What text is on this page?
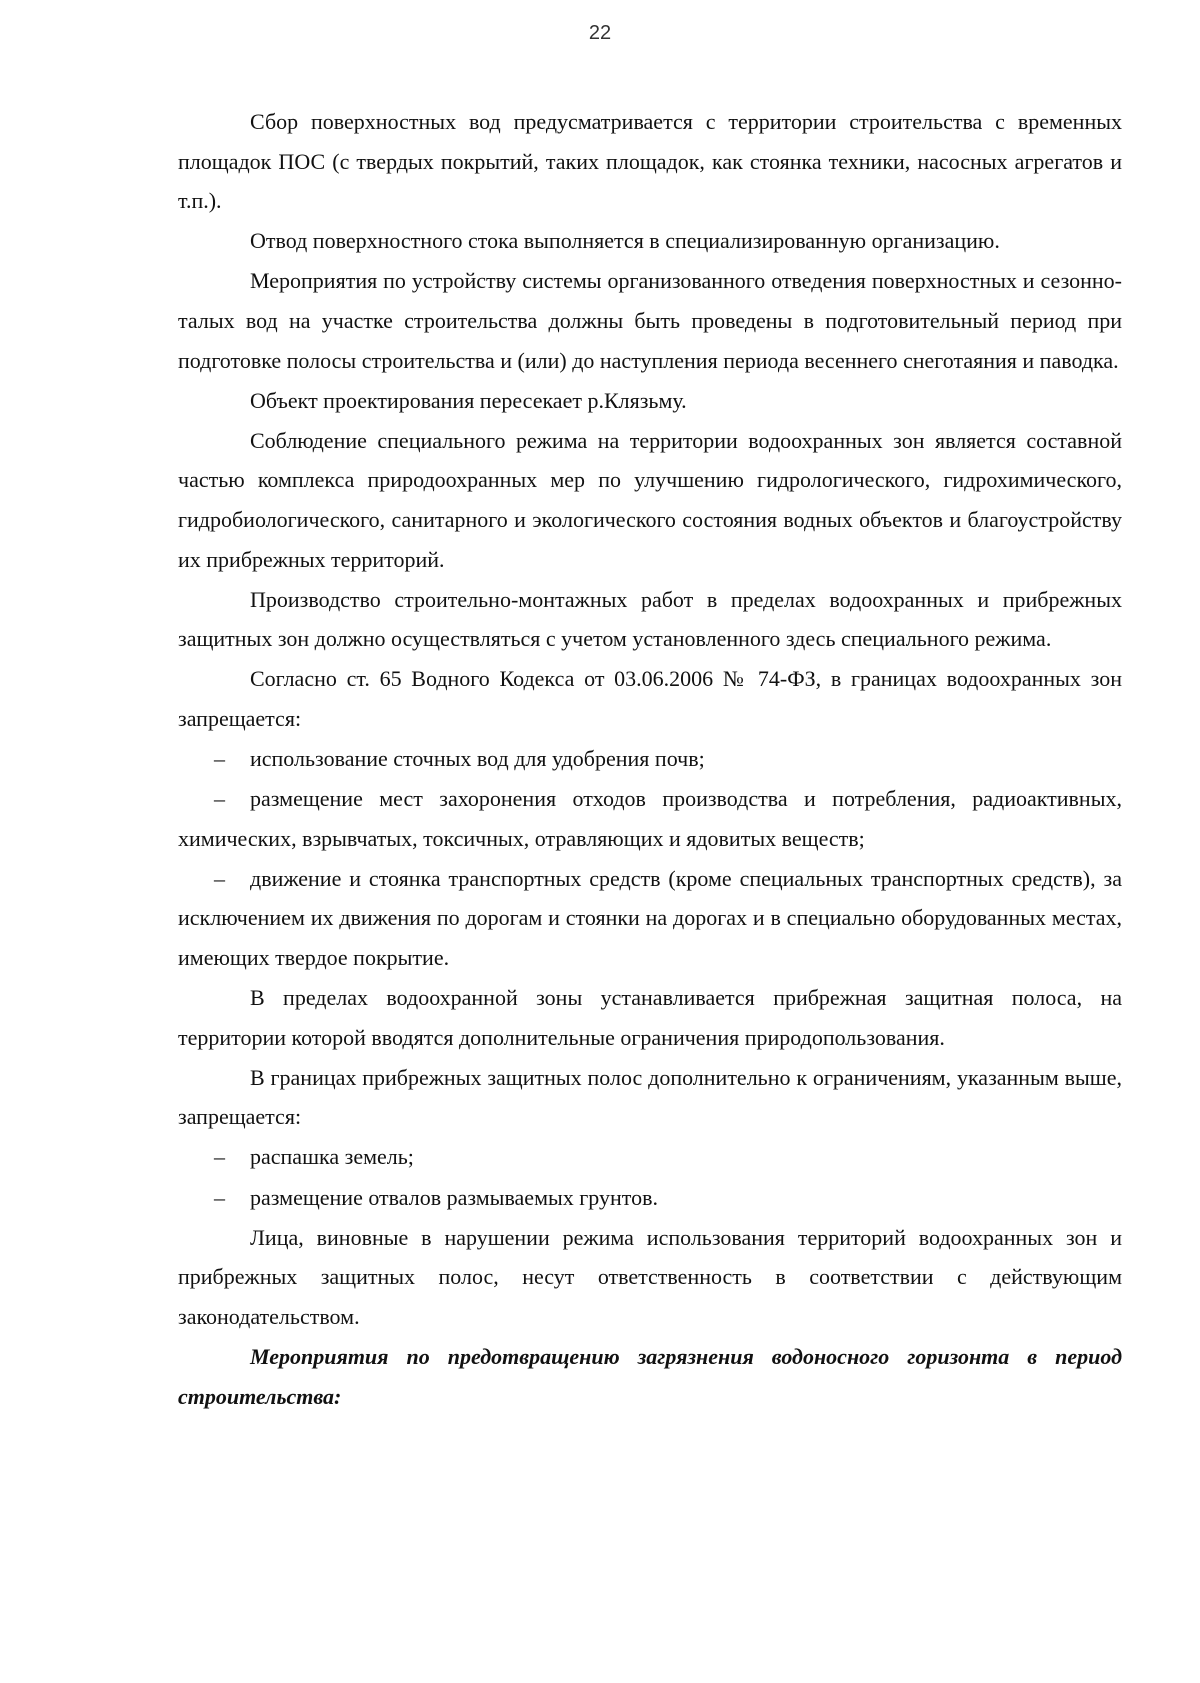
22

Сбор поверхностных вод предусматривается с территории строительства с временных площадок ПОС (с твердых покрытий, таких площадок, как стоянка техники, насосных агрегатов и т.п.).

Отвод поверхностного стока выполняется в специализированную организацию.

Мероприятия по устройству системы организованного отведения поверхностных и сезонно-талых вод на участке строительства должны быть проведены в подготовительный период при подготовке полосы строительства и (или) до наступления периода весеннего снеготаяния и паводка.

Объект проектирования пересекает р.Клязьму.

Соблюдение специального режима на территории водоохранных зон является составной частью комплекса природоохранных мер по улучшению гидрологического, гидрохимического, гидробиологического, санитарного и экологического состояния водных объектов и благоустройству их прибрежных территорий.

Производство строительно-монтажных работ в пределах водоохранных и прибрежных защитных зон должно осуществляться с учетом установленного здесь специального режима.

Согласно ст. 65 Водного Кодекса от 03.06.2006 № 74-ФЗ, в границах водоохранных зон запрещается:

– использование сточных вод для удобрения почв;

– размещение мест захоронения отходов производства и потребления, радиоактивных, химических, взрывчатых, токсичных, отравляющих и ядовитых веществ;

– движение и стоянка транспортных средств (кроме специальных транспортных средств), за исключением их движения по дорогам и стоянки на дорогах и в специально оборудованных местах, имеющих твердое покрытие.

В пределах водоохранной зоны устанавливается прибрежная защитная полоса, на территории которой вводятся дополнительные ограничения природопользования.

В границах прибрежных защитных полос дополнительно к ограничениям, указанным выше, запрещается:

– распашка земель;

– размещение отвалов размываемых грунтов.

Лица, виновные в нарушении режима использования территорий водоохранных зон и прибрежных защитных полос, несут ответственность в соответствии с действующим законодательством.

Мероприятия по предотвращению загрязнения водоносного горизонта в период строительства:
